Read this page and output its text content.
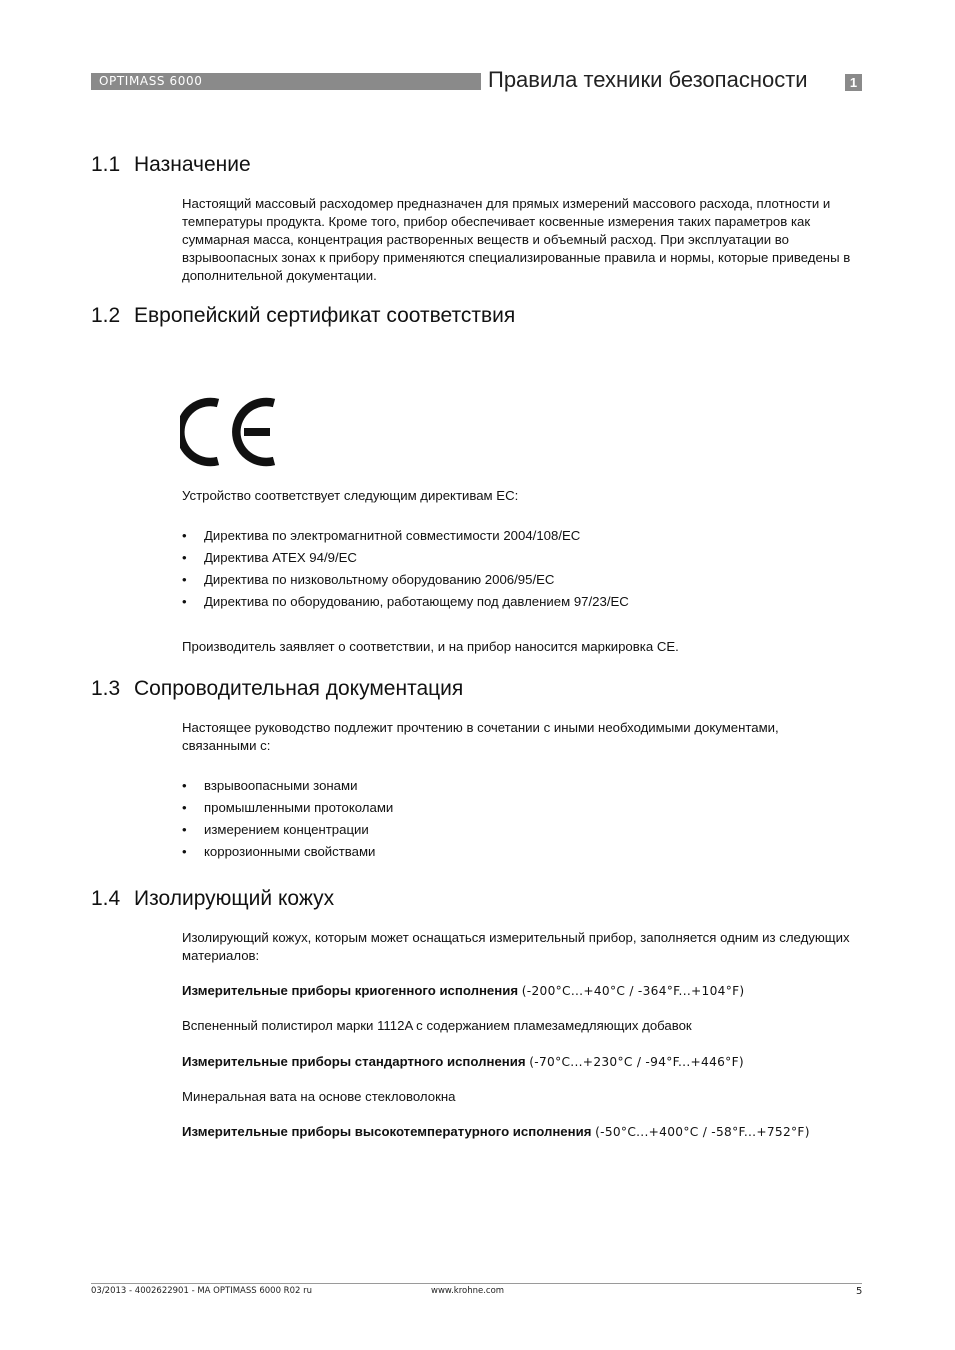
OPTIMASS 6000	Правила техники безопасности	1
1.1 Назначение

Настоящий массовый расходомер предназначен для прямых измерений массового расхода, плотности и температуры продукта. Кроме того, прибор обеспечивает косвенные измерения таких параметров как суммарная масса, концентрация растворенных веществ и объемный расход. При эксплуатации во взрывоопасных зонах к прибору применяются специализированные правила и нормы, которые приведены в дополнительной документации.

1.2 Европейский сертификат соответствия

Устройство соответствует следующим директивам ЕС:

• Директива по электромагнитной совместимости 2004/108/EC
• Директива ATEX 94/9/EC
• Директива по низковольтному оборудованию 2006/95/EC
• Директива по оборудованию, работающему под давлением 97/23/EC

Производитель заявляет о соответствии, и на прибор наносится маркировка CE.

1.3 Сопроводительная документация

Настоящее руководство подлежит прочтению в сочетании с иными необходимыми документами, связанными с:

• взрывоопасными зонами
• промышленными протоколами
• измерением концентрации
• коррозионными свойствами
1.4 Изолирующий кожух

Изолирующий кожух, которым может оснащаться измерительный прибор, заполняется одним из следующих материалов:

Измерительные приборы криогенного исполнения (-200°C...+40°C / -364°F...+104°F)

Вспененный полистирол марки 1112A с содержанием пламезамедляющих добавок

Измерительные приборы стандартного исполнения (-70°C...+230°C / -94°F...+446°F)

Минеральная вата на основе стекловолокна

Измерительные приборы высокотемпературного исполнения (-50°C...+400°C / -58°F...+752°F)

03/2013 - 4002622901 - MA OPTIMASS 6000 R02 ru	www.krohne.com	5
